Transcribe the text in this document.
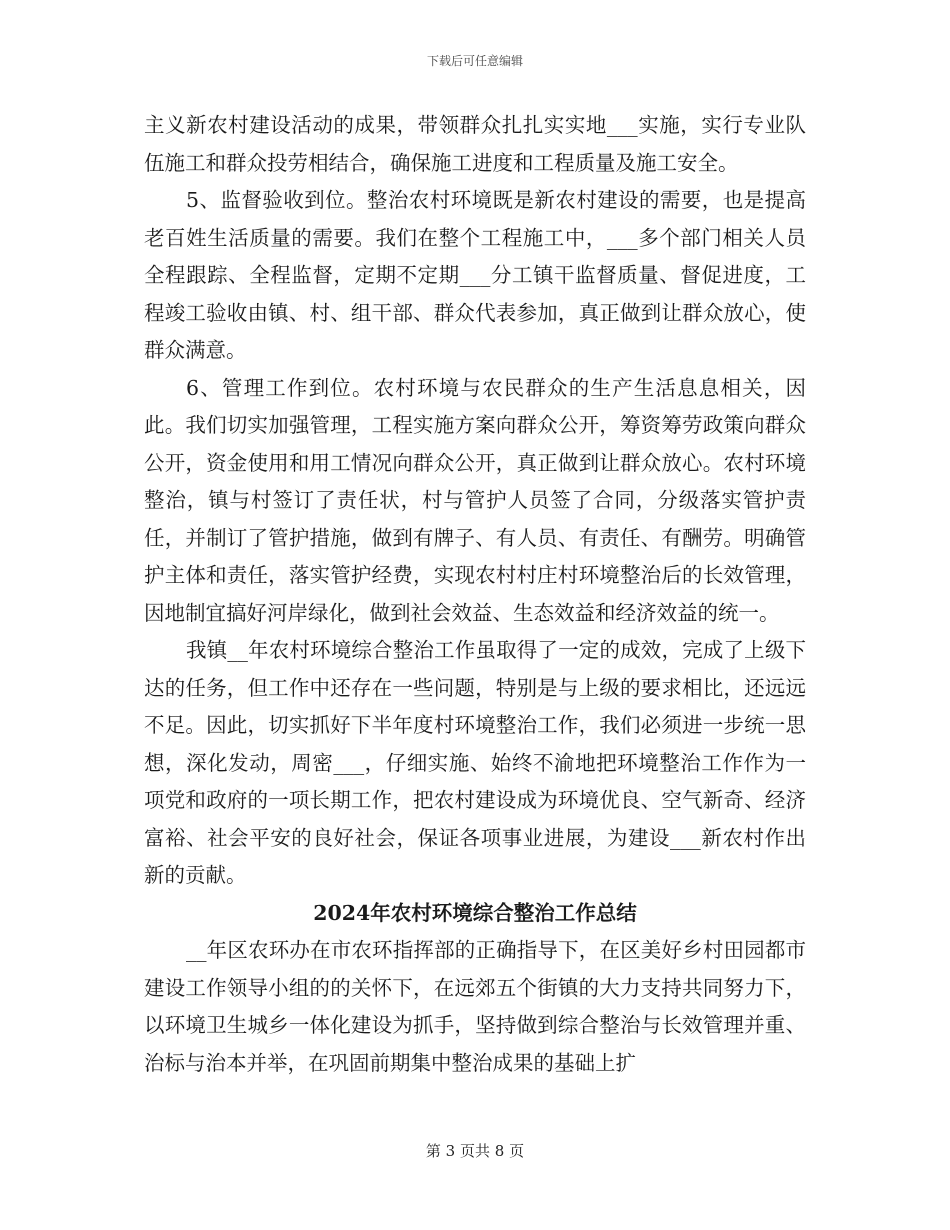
下载后可任意编辑

主义新农村建设活动的成果，带领群众扎扎实实地___实施，实行专业队伍施工和群众投劳相结合，确保施工进度和工程质量及施工安全。

5、监督验收到位。整治农村环境既是新农村建设的需要，也是提高老百姓生活质量的需要。我们在整个工程施工中，___多个部门相关人员全程跟踪、全程监督，定期不定期___分工镇干监督质量、督促进度，工程竣工验收由镇、村、组干部、群众代表参加，真正做到让群众放心，使群众满意。

6、管理工作到位。农村环境与农民群众的生产生活息息相关，因此。我们切实加强管理，工程实施方案向群众公开，筹资筹劳政策向群众公开，资金使用和用工情况向群众公开，真正做到让群众放心。农村环境整治，镇与村签订了责任状，村与管护人员签了合同，分级落实管护责任，并制订了管护措施，做到有牌子、有人员、有责任、有酬劳。明确管护主体和责任，落实管护经费，实现农村村庄村环境整治后的长效管理，因地制宜搞好河岸绿化，做到社会效益、生态效益和经济效益的统一。

我镇__年农村环境综合整治工作虽取得了一定的成效，完成了上级下达的任务，但工作中还存在一些问题，特别是与上级的要求相比，还远远不足。因此，切实抓好下半年度村环境整治工作，我们必须进一步统一思想，深化发动，周密___，仔细实施、始终不渝地把环境整治工作作为一项党和政府的一项长期工作，把农村建设成为环境优良、空气新奇、经济富裕、社会平安的良好社会，保证各项事业进展，为建设___新农村作出新的贡献。

2024年农村环境综合整治工作总结

__年区农环办在市农环指挥部的正确指导下，在区美好乡村田园都市建设工作领导小组的的关怀下，在远郊五个街镇的大力支持共同努力下，以环境卫生城乡一体化建设为抓手，坚持做到综合整治与长效管理并重、治标与治本并举，在巩固前期集中整治成果的基础上扩

第 3 页共 8 页
